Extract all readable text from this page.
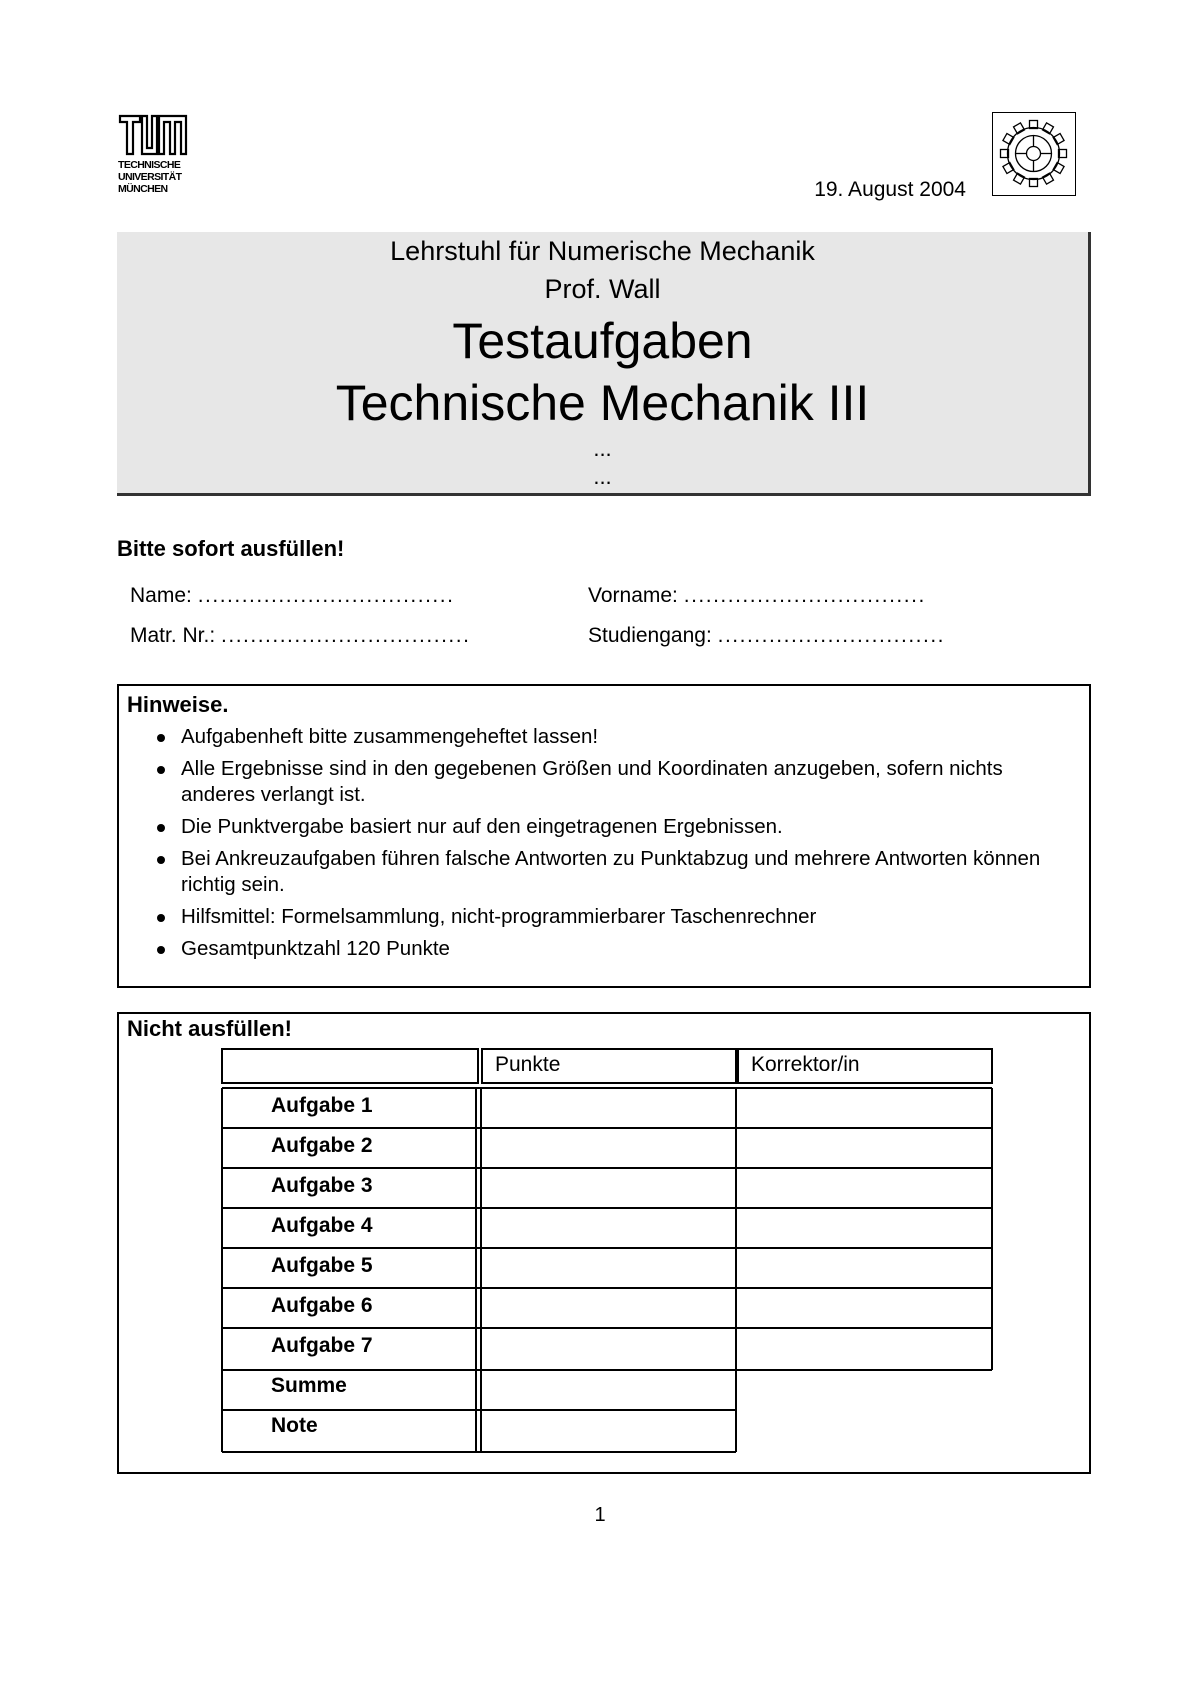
TECHNISCHE
UNIVERSITÄT
MÜNCHEN	19. August 2004
Lehrstuhl für Numerische Mechanik
Prof. Wall
Testaufgaben
Technische Mechanik III
...
...
Bitte sofort ausfüllen!
Name: ...................................	Vorname: .................................
Matr. Nr.: ..................................	Studiengang: ...............................
Hinweise.
Aufgabenheft bitte zusammengeheftet lassen!
Alle Ergebnisse sind in den gegebenen Größen und Koordinaten anzugeben, sofern nichts anderes verlangt ist.
Die Punktvergabe basiert nur auf den eingetragenen Ergebnissen.
Bei Ankreuzaufgaben führen falsche Antworten zu Punktabzug und mehrere Antworten können richtig sein.
Hilfsmittel: Formelsammlung, nicht-programmierbarer Taschenrechner
Gesamtpunktzahl 120 Punkte
Nicht ausfüllen!
Punkte	Korrektor/in
Aufgabe 1
Aufgabe 2
Aufgabe 3
Aufgabe 4
Aufgabe 5
Aufgabe 6
Aufgabe 7
Summe
Note
1
